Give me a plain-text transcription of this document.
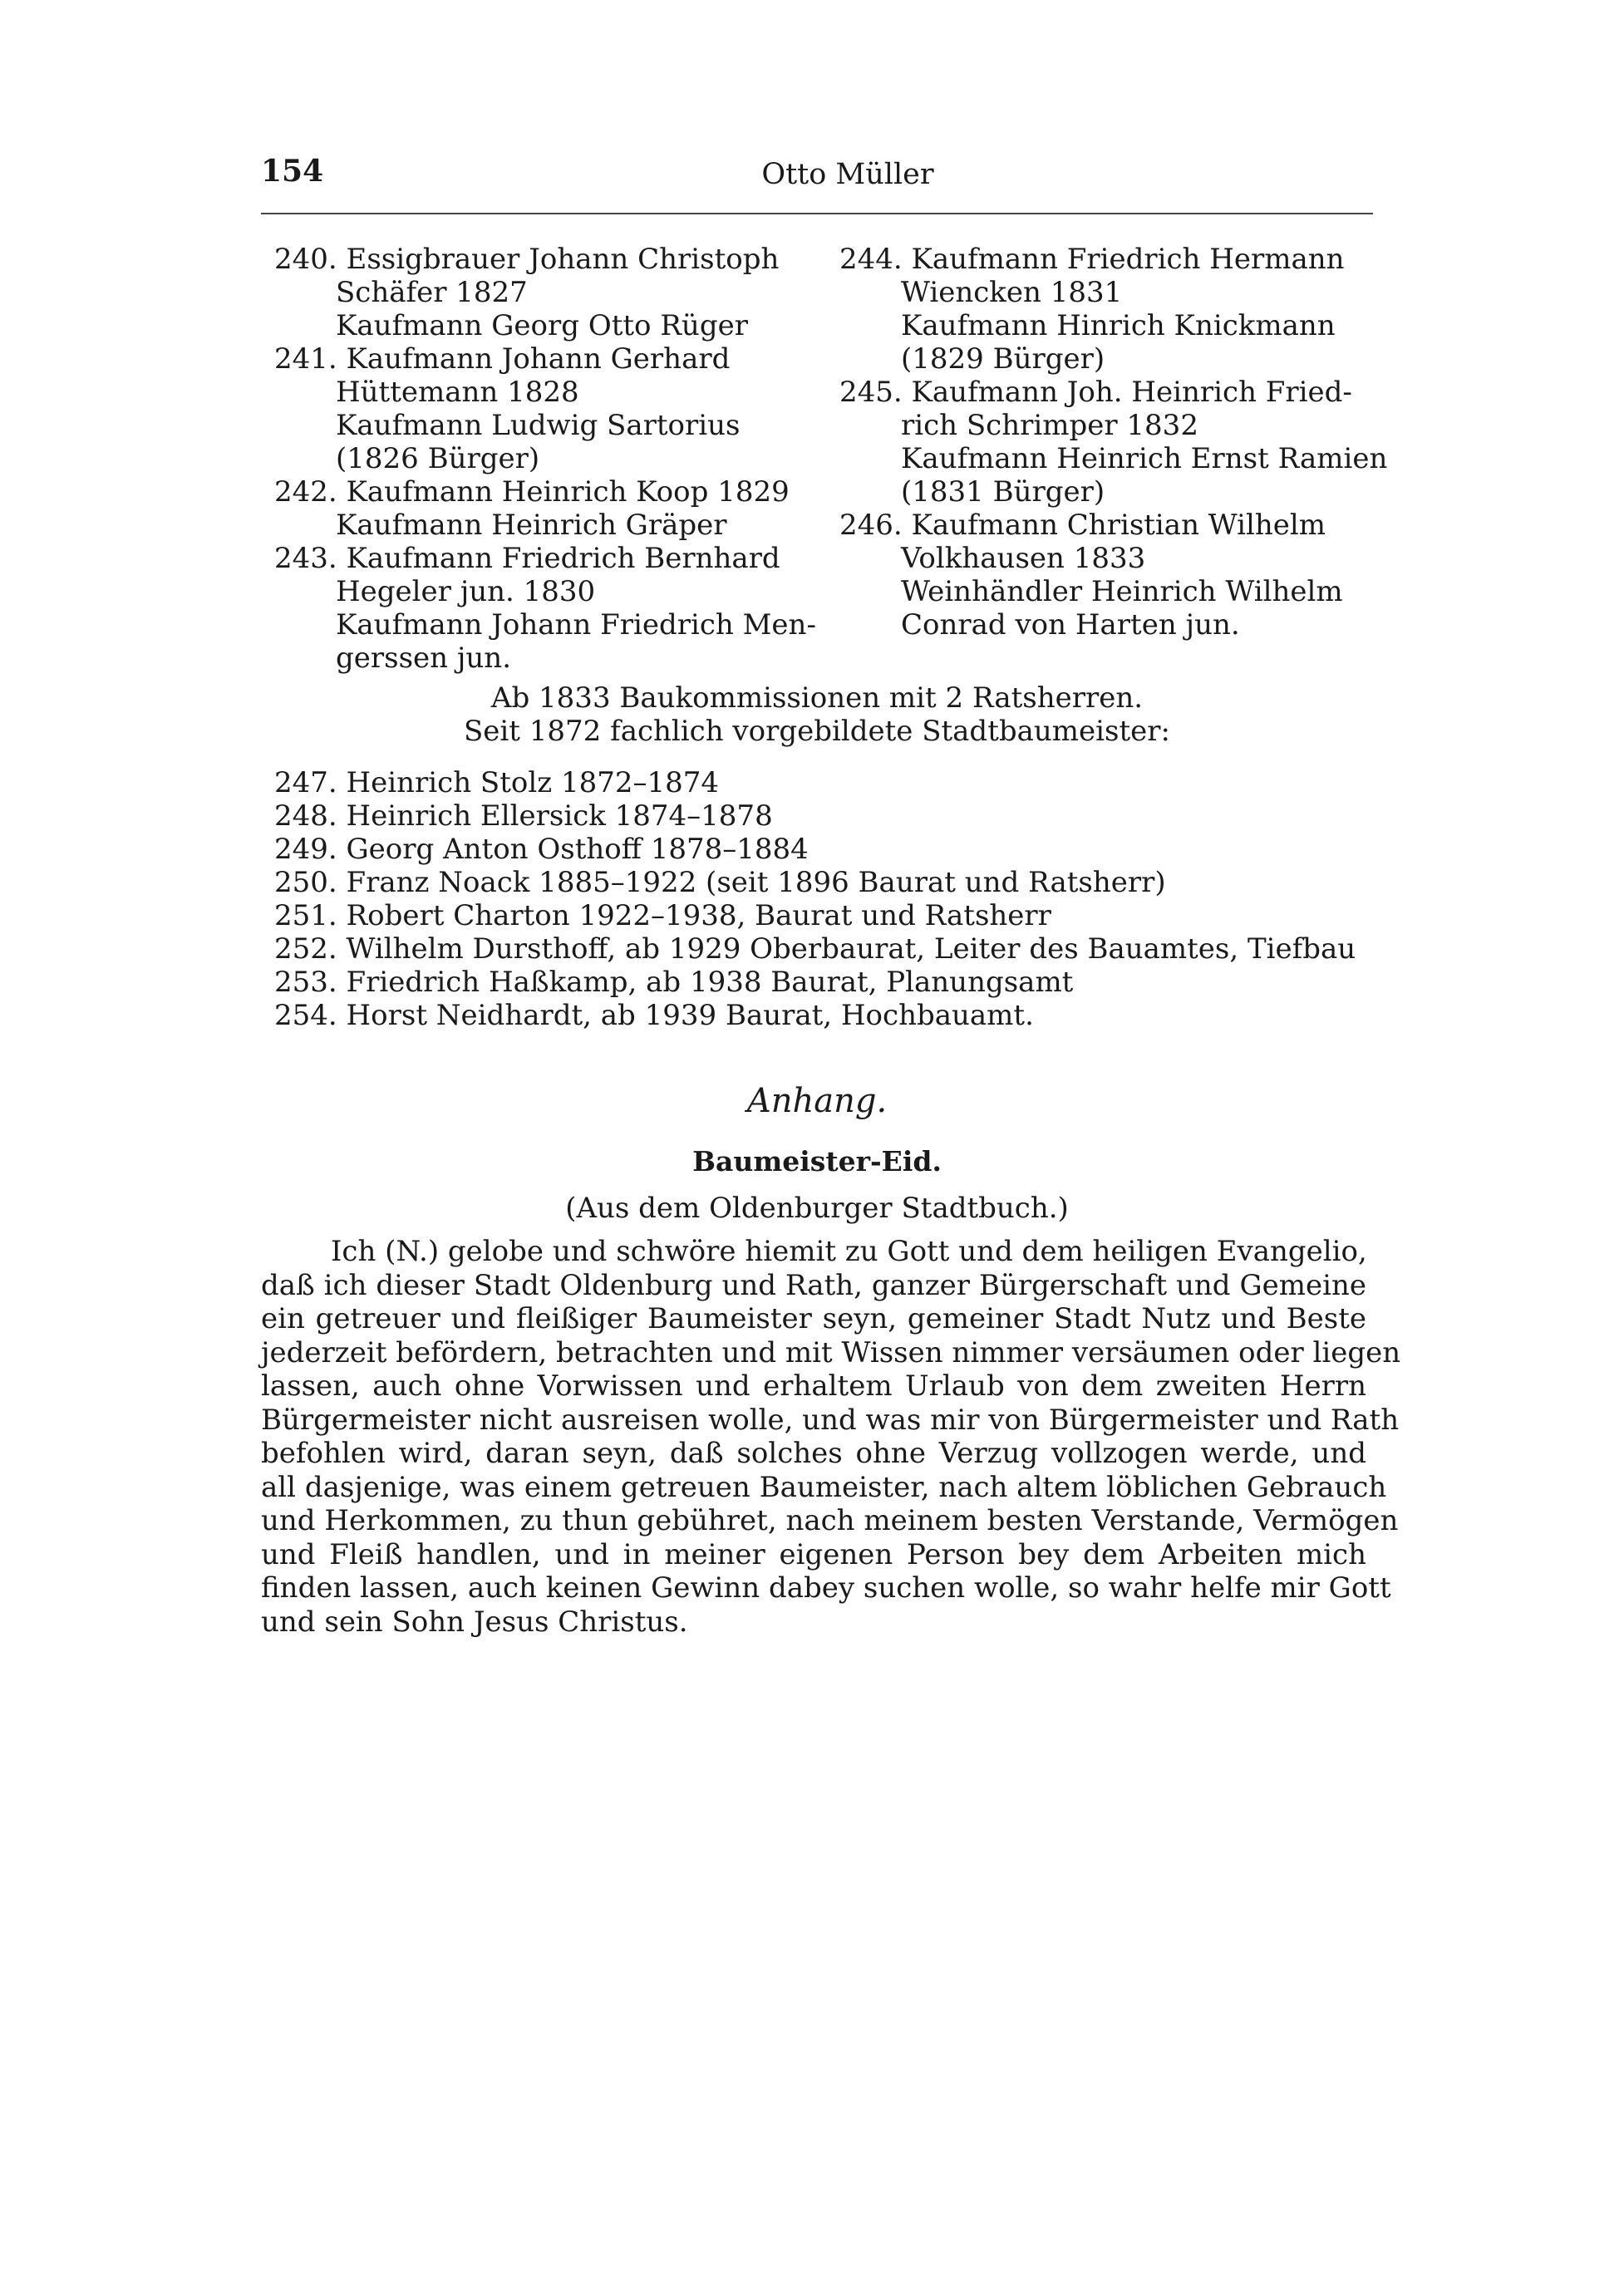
154	Otto Müller
240. Essigbrauer Johann Christoph
Schäfer 1827
Kaufmann Georg Otto Rüger
241. Kaufmann Johann Gerhard
Hüttemann 1828
Kaufmann Ludwig Sartorius
(1826 Bürger)
242. Kaufmann Heinrich Koop 1829
Kaufmann Heinrich Gräper
243. Kaufmann Friedrich Bernhard
Hegeler jun. 1830
Kaufmann Johann Friedrich Men-
gerssen jun.
244. Kaufmann Friedrich Hermann
Wiencken 1831
Kaufmann Hinrich Knickmann
(1829 Bürger)
245. Kaufmann Joh. Heinrich Fried-
rich Schrimper 1832
Kaufmann Heinrich Ernst Ramien
(1831 Bürger)
246. Kaufmann Christian Wilhelm
Volkhausen 1833
Weinhändler Heinrich Wilhelm
Conrad von Harten jun.
Ab 1833 Baukommissionen mit 2 Ratsherren.
Seit 1872 fachlich vorgebildete Stadtbaumeister:
247. Heinrich Stolz 1872–1874
248. Heinrich Ellersick 1874–1878
249. Georg Anton Osthoff 1878–1884
250. Franz Noack 1885–1922 (seit 1896 Baurat und Ratsherr)
251. Robert Charton 1922–1938, Baurat und Ratsherr
252. Wilhelm Dursthoff, ab 1929 Oberbaurat, Leiter des Bauamtes, Tiefbau
253. Friedrich Haßkamp, ab 1938 Baurat, Planungsamt
254. Horst Neidhardt, ab 1939 Baurat, Hochbauamt.
Anhang.
Baumeister-Eid.
(Aus dem Oldenburger Stadtbuch.)
Ich (N.) gelobe und schwöre hiemit zu Gott und dem heiligen Evangelio,
daß ich dieser Stadt Oldenburg und Rath, ganzer Bürgerschaft und Gemeine
ein getreuer und fleißiger Baumeister seyn, gemeiner Stadt Nutz und Beste
jederzeit befördern, betrachten und mit Wissen nimmer versäumen oder liegen
lassen, auch ohne Vorwissen und erhaltem Urlaub von dem zweiten Herrn
Bürgermeister nicht ausreisen wolle, und was mir von Bürgermeister und Rath
befohlen wird, daran seyn, daß solches ohne Verzug vollzogen werde, und
all dasjenige, was einem getreuen Baumeister, nach altem löblichen Gebrauch
und Herkommen, zu thun gebühret, nach meinem besten Verstande, Vermögen
und Fleiß handlen, und in meiner eigenen Person bey dem Arbeiten mich
finden lassen, auch keinen Gewinn dabey suchen wolle, so wahr helfe mir Gott
und sein Sohn Jesus Christus.
